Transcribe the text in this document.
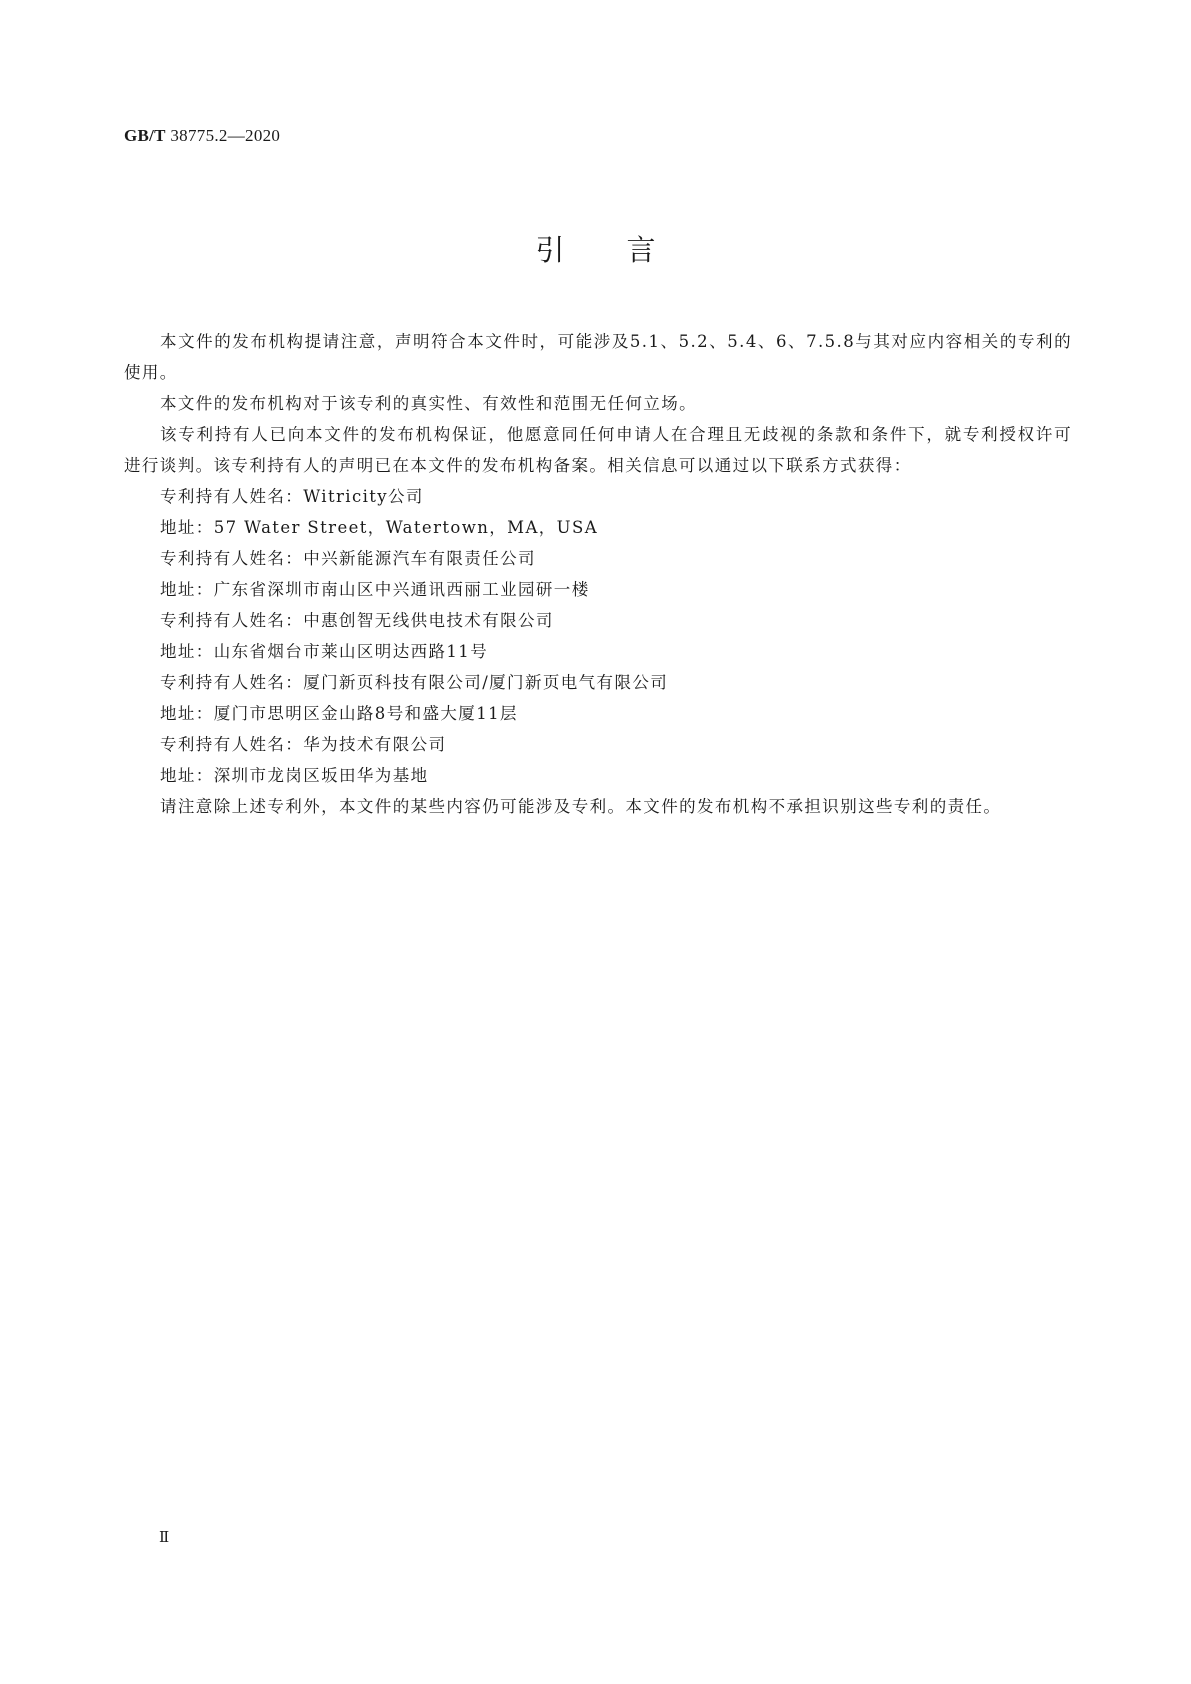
GB/T 38775.2—2020
引言

本文件的发布机构提请注意，声明符合本文件时，可能涉及5.1、5.2、5.4、6、7.5.8与其对应内容相关的专利的使用。

本文件的发布机构对于该专利的真实性、有效性和范围无任何立场。

该专利持有人已向本文件的发布机构保证，他愿意同任何申请人在合理且无歧视的条款和条件下，就专利授权许可进行谈判。该专利持有人的声明已在本文件的发布机构备案。相关信息可以通过以下联系方式获得：

专利持有人姓名：Witricity公司

地址：57 Water Street，Watertown，MA，USA

专利持有人姓名：中兴新能源汽车有限责任公司

地址：广东省深圳市南山区中兴通讯西丽工业园研一楼

专利持有人姓名：中惠创智无线供电技术有限公司

地址：山东省烟台市莱山区明达西路11号

专利持有人姓名：厦门新页科技有限公司/厦门新页电气有限公司

地址：厦门市思明区金山路8号和盛大厦11层

专利持有人姓名：华为技术有限公司

地址：深圳市龙岗区坂田华为基地

请注意除上述专利外，本文件的某些内容仍可能涉及专利。本文件的发布机构不承担识别这些专利的责任。

Ⅱ
